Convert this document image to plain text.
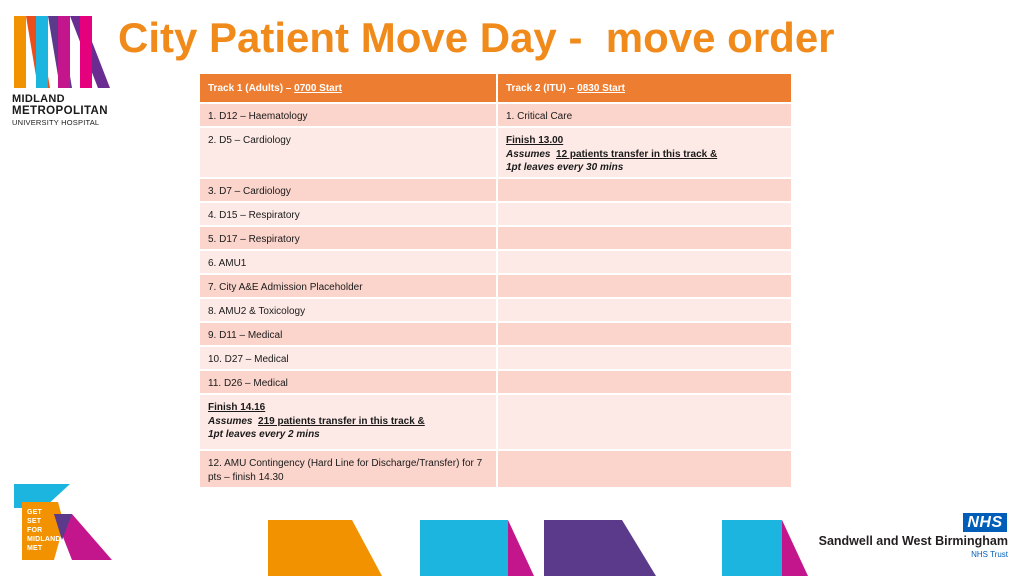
MIDLAND
METROPOLITAN
UNIVERSITY HOSPITAL
City Patient Move Day -  move order
Track 1 (Adults) – 0700 Start	Track 2 (ITU) – 0830 Start
1. D12 – Haematology	1. Critical Care
2. D5 – Cardiology	Finish 13.00
Assumes 12 patients transfer in this track &
1pt leaves every 30 mins

3. D7 – Cardiology	
4. D15 – Respiratory	
5. D17 – Respiratory	
6. AMU1	
7. City A&E Admission Placeholder	
8. AMU2 & Toxicology	
9. D11 – Medical	
10. D27 – Medical	
11. D26 – Medical	

Finish 14.16
Assumes 219 patients transfer in this track &
1pt leaves every 2 mins	

12. AMU Contingency (Hard Line for Discharge/Transfer) for 7 pts – finish 14.30	
GET
SET
FOR
MIDLAND
MET
NHS
Sandwell and West Birmingham
NHS Trust
